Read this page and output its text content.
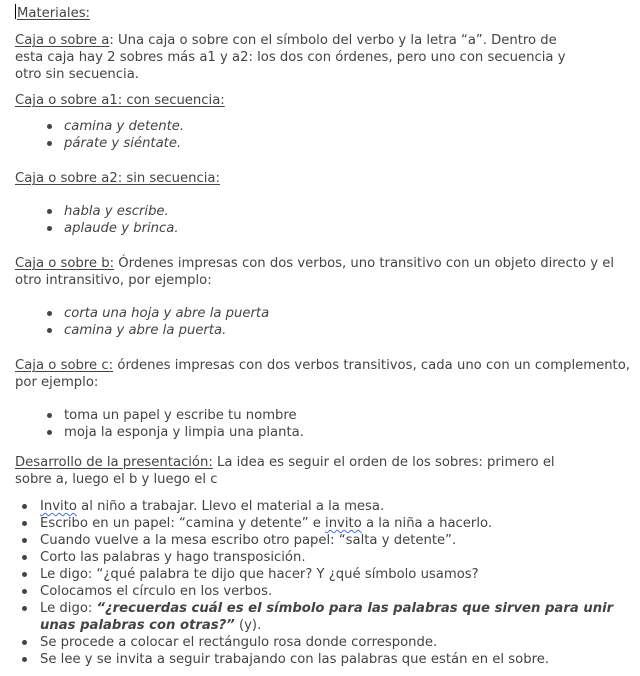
Materiales:

Caja o sobre a: Una caja o sobre con el símbolo del verbo y la letra “a”. Dentro de esta caja hay 2 sobres más a1 y a2: los dos con órdenes, pero uno con secuencia y otro sin secuencia.

Caja o sobre a1: con secuencia:

camina y detente.
párate y siéntate.

Caja o sobre a2: sin secuencia:

habla y escribe.
aplaude y brinca.

Caja o sobre b: Órdenes impresas con dos verbos, uno transitivo con un objeto directo y el otro intransitivo, por ejemplo:

corta una hoja y abre la puerta
camina y abre la puerta.

Caja o sobre c: órdenes impresas con dos verbos transitivos, cada uno con un complemento, por ejemplo:

toma un papel y escribe tu nombre
moja la esponja y limpia una planta.

Desarrollo de la presentación: La idea es seguir el orden de los sobres: primero el sobre a, luego el b y luego el c

Invito al niño a trabajar. Llevo el material a la mesa.
Escribo en un papel: “camina y detente” e invito a la niña a hacerlo.
Cuando vuelve a la mesa escribo otro papel: “salta y detente”.
Corto las palabras y hago transposición.
Le digo: “¿qué palabra te dijo que hacer? Y ¿qué símbolo usamos?
Colocamos el círculo en los verbos.
Le digo: “¿recuerdas cuál es el símbolo para las palabras que sirven para unir unas palabras con otras?” (y).
Se procede a colocar el rectángulo rosa donde corresponde.
Se lee y se invita a seguir trabajando con las palabras que están en el sobre.
